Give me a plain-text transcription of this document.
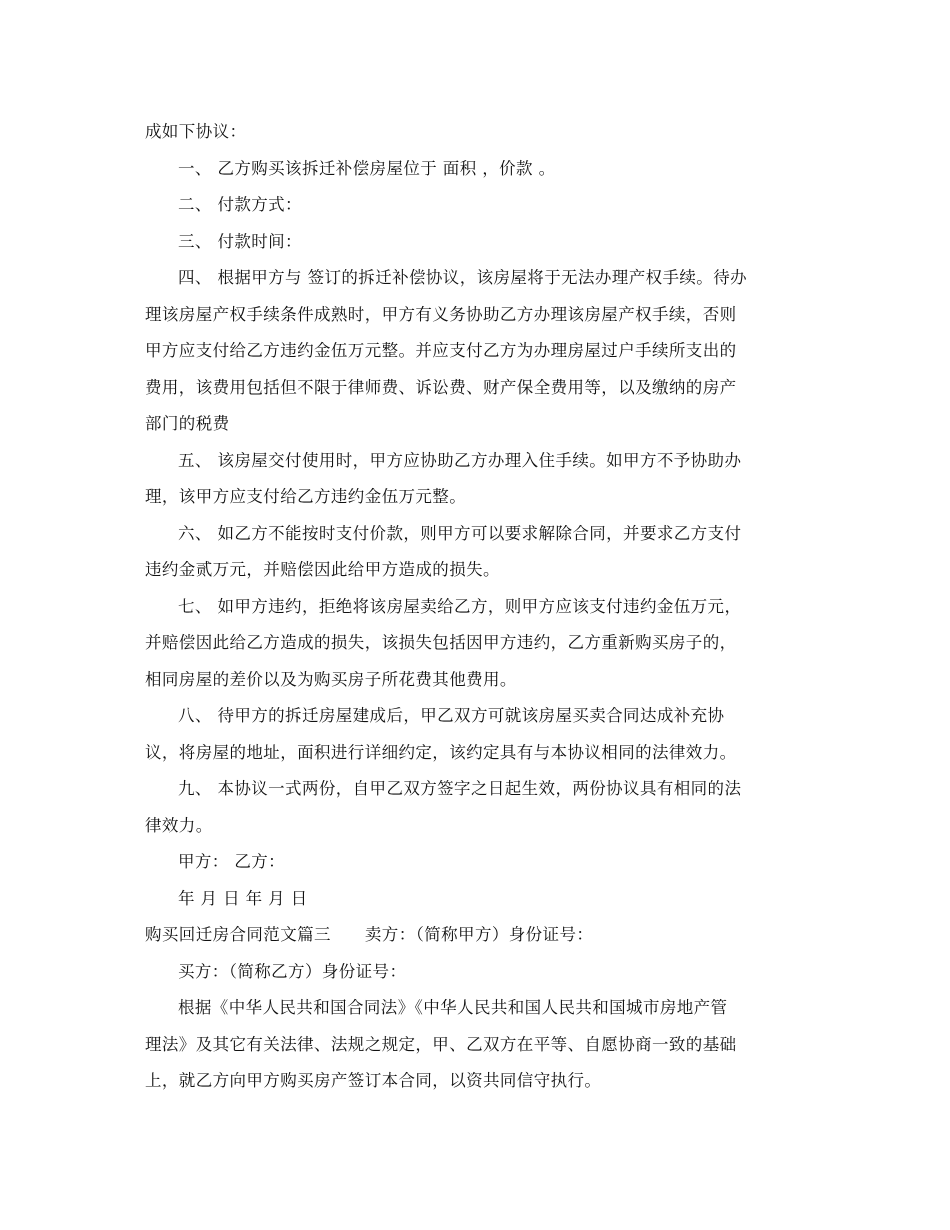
成如下协议：

一、 乙方购买该拆迁补偿房屋位于 面积 ，价款 。

二、 付款方式：

三、 付款时间：

四、 根据甲方与 签订的拆迁补偿协议，该房屋将于无法办理产权手续。待办

理该房屋产权手续条件成熟时，甲方有义务协助乙方办理该房屋产权手续，否则

甲方应支付给乙方违约金伍万元整。并应支付乙方为办理房屋过户手续所支出的

费用，该费用包括但不限于律师费、诉讼费、财产保全费用等，以及缴纳的房产

部门的税费

五、 该房屋交付使用时，甲方应协助乙方办理入住手续。如甲方不予协助办

理，该甲方应支付给乙方违约金伍万元整。

六、 如乙方不能按时支付价款，则甲方可以要求解除合同，并要求乙方支付

违约金贰万元，并赔偿因此给甲方造成的损失。

七、 如甲方违约，拒绝将该房屋卖给乙方，则甲方应该支付违约金伍万元，

并赔偿因此给乙方造成的损失，该损失包括因甲方违约，乙方重新购买房子的，

相同房屋的差价以及为购买房子所花费其他费用。

八、 待甲方的拆迁房屋建成后，甲乙双方可就该房屋买卖合同达成补充协

议，将房屋的地址，面积进行详细约定，该约定具有与本协议相同的法律效力。

九、 本协议一式两份，自甲乙双方签字之日起生效，两份协议具有相同的法

律效力。

甲方： 乙方：

年 月 日 年 月 日

购买回迁房合同范文篇三 卖方：（简称甲方）身份证号：

买方：（简称乙方）身份证号：

根据《中华人民共和国合同法》《中华人民共和国人民共和国城市房地产管

理法》及其它有关法律、法规之规定，甲、乙双方在平等、自愿协商一致的基础

上，就乙方向甲方购买房产签订本合同，以资共同信守执行。
